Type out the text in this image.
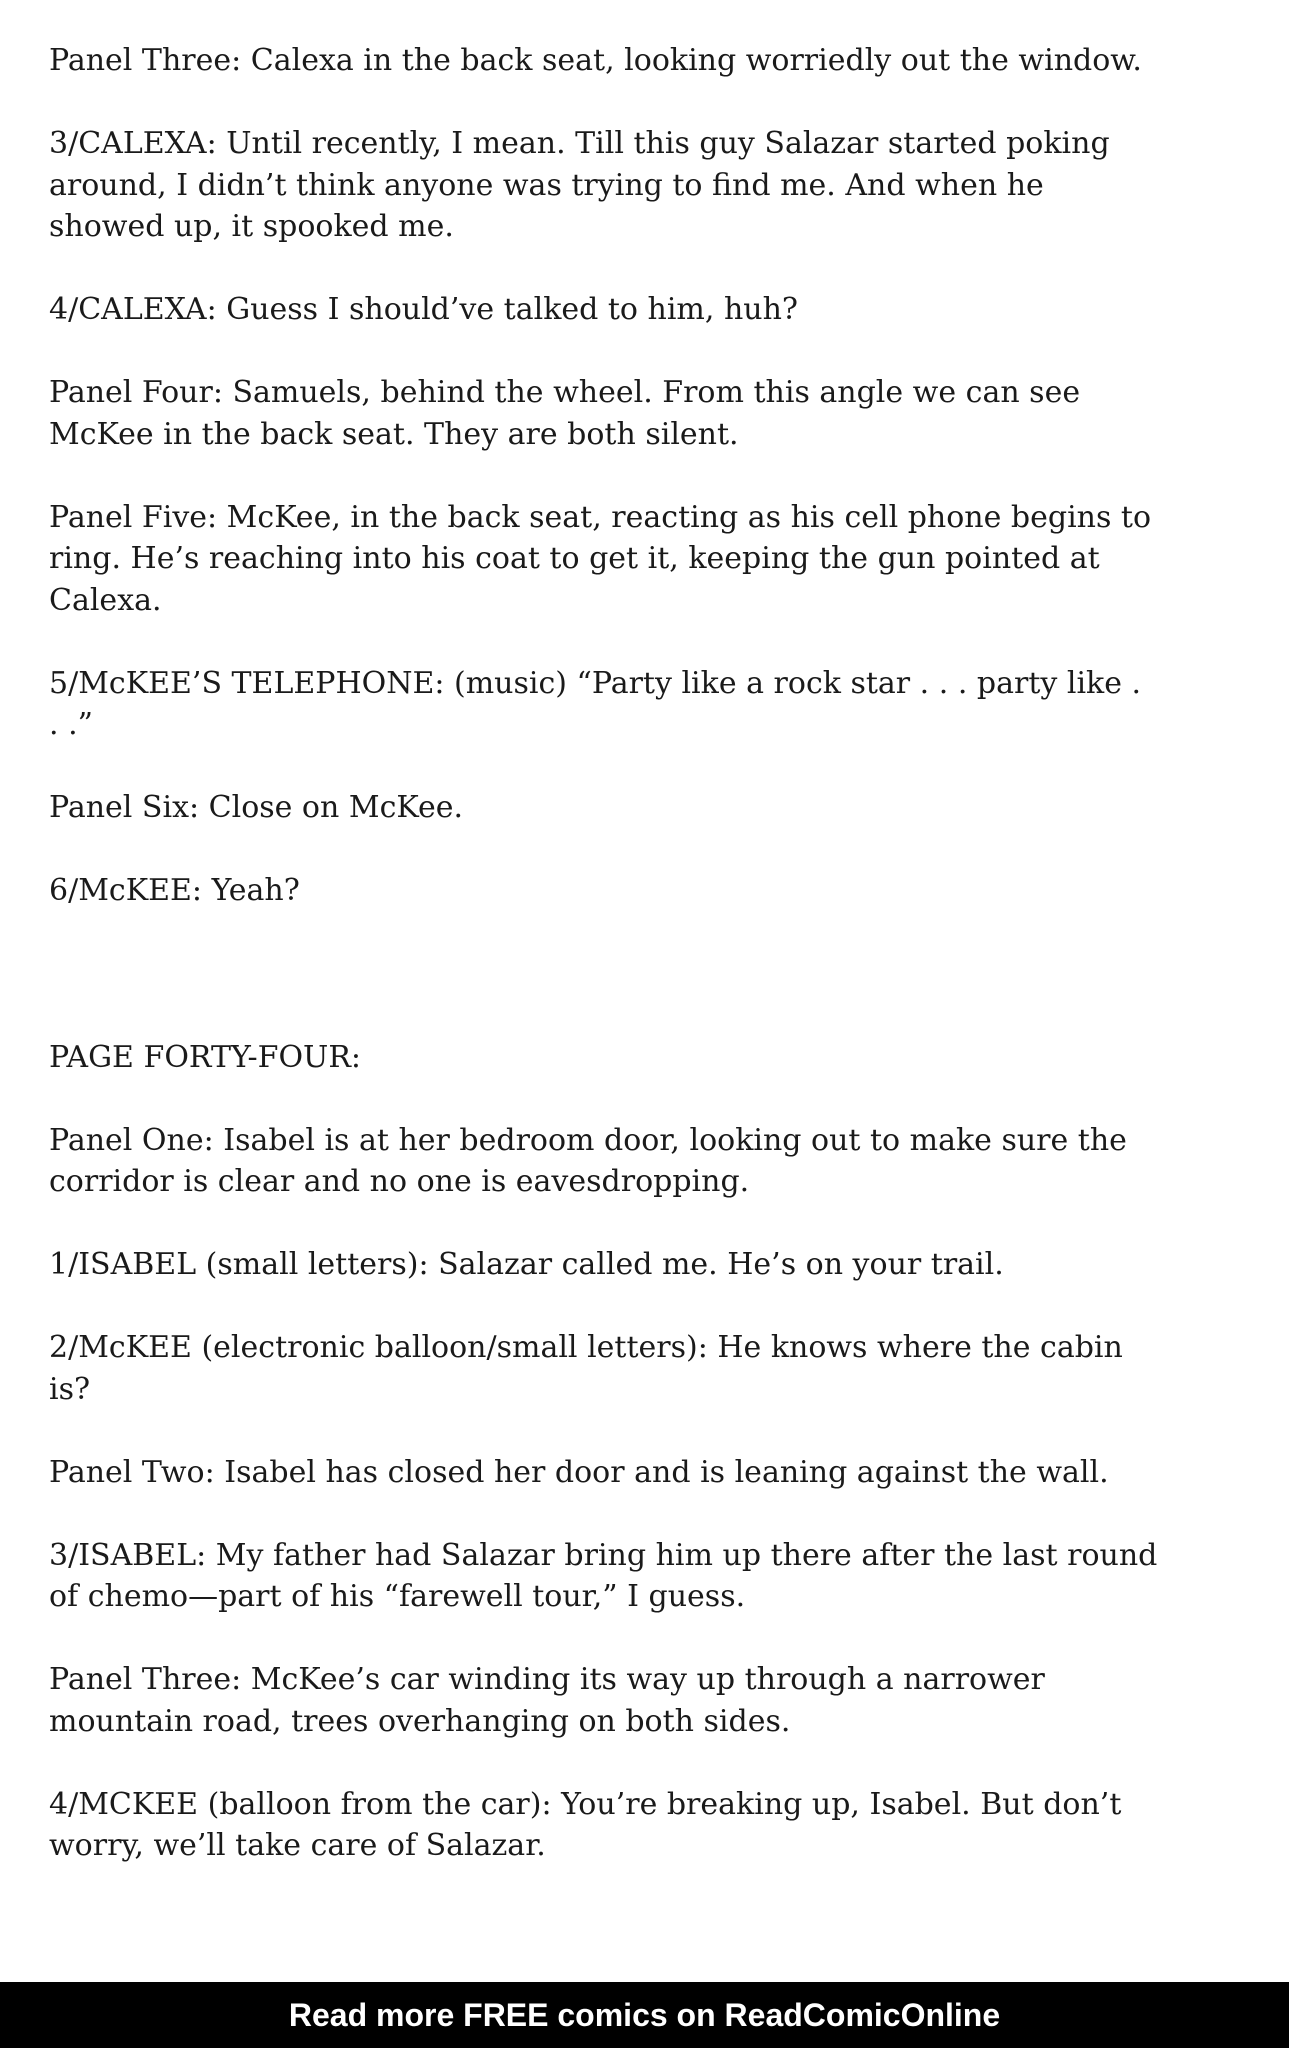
Panel Three: Calexa in the back seat, looking worriedly out the window.

3/CALEXA: Until recently, I mean. Till this guy Salazar started poking around, I didn’t think anyone was trying to find me. And when he showed up, it spooked me.

4/CALEXA: Guess I should’ve talked to him, huh?

Panel Four: Samuels, behind the wheel. From this angle we can see McKee in the back seat. They are both silent.

Panel Five: McKee, in the back seat, reacting as his cell phone begins to ring. He’s reaching into his coat to get it, keeping the gun pointed at Calexa.

5/McKEE’S TELEPHONE: (music) “Party like a rock star . . . party like . . .”

Panel Six: Close on McKee.

6/McKEE: Yeah?

PAGE FORTY-FOUR:

Panel One: Isabel is at her bedroom door, looking out to make sure the corridor is clear and no one is eavesdropping.

1/ISABEL (small letters): Salazar called me. He’s on your trail.

2/McKEE (electronic balloon/small letters): He knows where the cabin is?

Panel Two: Isabel has closed her door and is leaning against the wall.

3/ISABEL: My father had Salazar bring him up there after the last round of chemo—part of his “farewell tour,” I guess.

Panel Three: McKee’s car winding its way up through a narrower mountain road, trees overhanging on both sides.

4/MCKEE (balloon from the car): You’re breaking up, Isabel. But don’t worry, we’ll take care of Salazar.

Read more FREE comics on ReadComicOnline
